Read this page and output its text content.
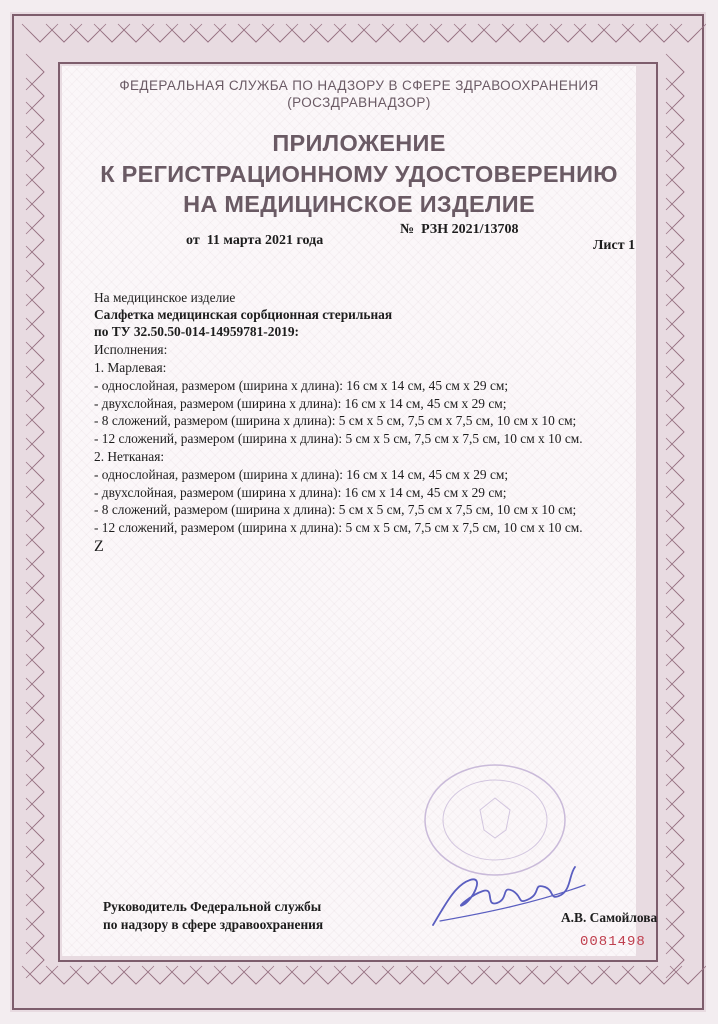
ФЕДЕРАЛЬНАЯ СЛУЖБА ПО НАДЗОРУ В СФЕРЕ ЗДРАВООХРАНЕНИЯ
(РОСЗДРАВНАДЗОР)
ПРИЛОЖЕНИЕ
К РЕГИСТРАЦИОННОМУ УДОСТОВЕРЕНИЮ
НА МЕДИЦИНСКОЕ ИЗДЕЛИЕ
от 11 марта 2021 года
№ РЗН 2021/13708
Лист 1
На медицинское изделие
Салфетка медицинская сорбционная стерильная
по ТУ 32.50.50-014-14959781-2019:
Исполнения:
1. Марлевая:
- однослойная, размером (ширина х длина): 16 см х 14 см, 45 см х 29 см;
- двухслойная, размером (ширина х длина): 16 см х 14 см, 45 см х 29 см;
- 8 сложений, размером (ширина х длина): 5 см х 5 см, 7,5 см х 7,5 см, 10 см х 10 см;
- 12 сложений, размером (ширина х длина): 5 см х 5 см, 7,5 см х 7,5 см, 10 см х 10 см.
2. Нетканая:
- однослойная, размером (ширина х длина): 16 см х 14 см, 45 см х 29 см;
- двухслойная, размером (ширина х длина): 16 см х 14 см, 45 см х 29 см;
- 8 сложений, размером (ширина х длина): 5 см х 5 см, 7,5 см х 7,5 см, 10 см х 10 см;
- 12 сложений, размером (ширина х длина): 5 см х 5 см, 7,5 см х 7,5 см, 10 см х 10 см.
Z
Руководитель Федеральной службы
по надзору в сфере здравоохранения	А.В. Самойлова
0081498
